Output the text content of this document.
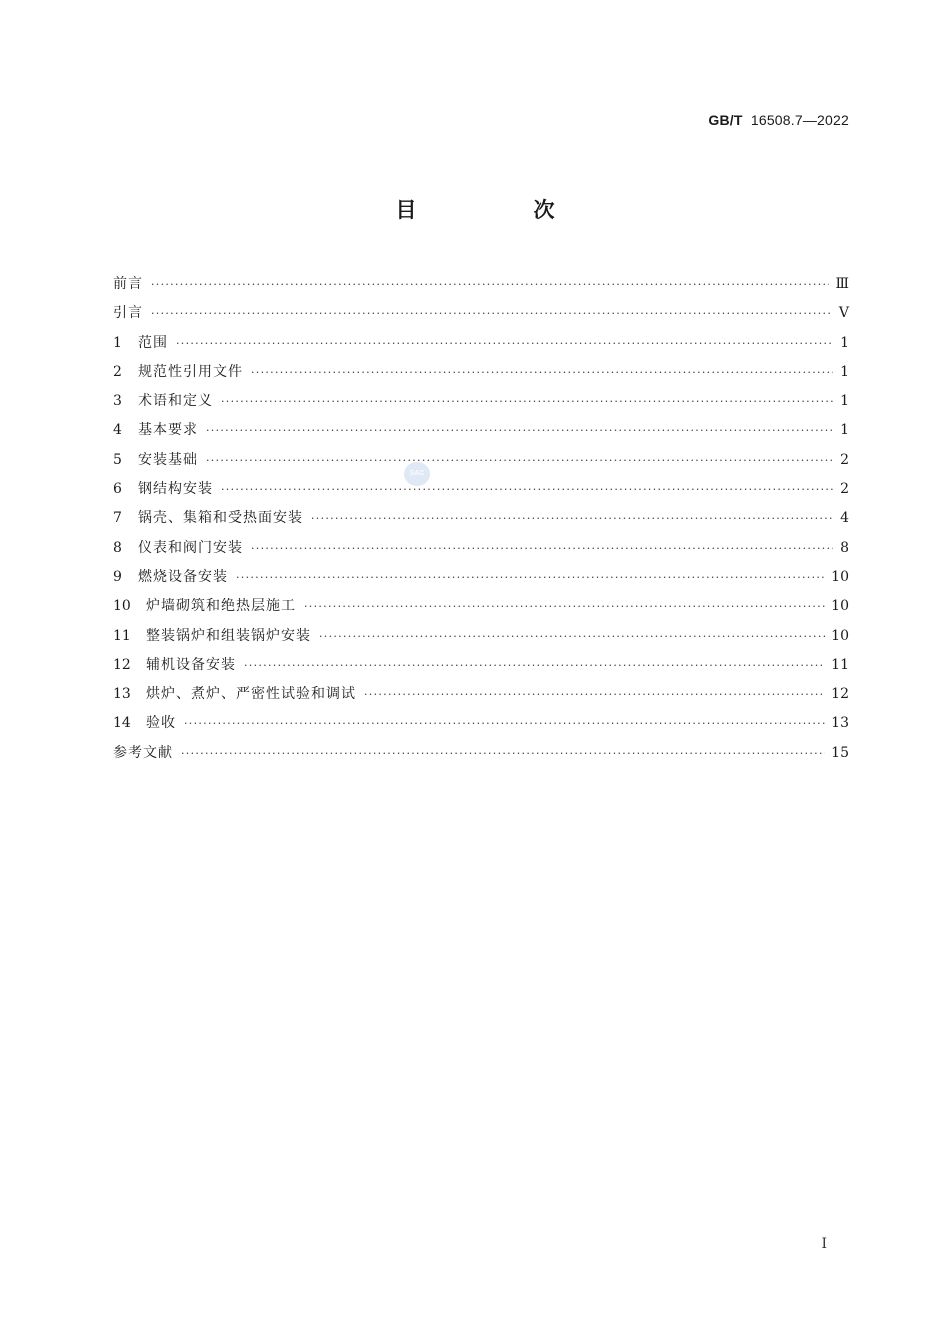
GB/T 16508.7—2022
目　次
前言 ·····	Ⅲ
引言 ·····	Ⅴ
1	范围 ·····	1
2	规范性引用文件 ·····	1
3	术语和定义 ·····	1
4	基本要求 ·····	1
5	安装基础 ·····	2
6	钢结构安装 ·····	2
7	锅壳、集箱和受热面安装 ·····	4
8	仪表和阀门安装 ·····	8
9	燃烧设备安装 ·····	10
10	炉墙砌筑和绝热层施工 ·····	10
11	整装锅炉和组装锅炉安装 ·····	10
12	辅机设备安装 ·····	11
13	烘炉、煮炉、严密性试验和调试 ·····	12
14	验收 ·····	13
参考文献 ·····	15
SAC
I
